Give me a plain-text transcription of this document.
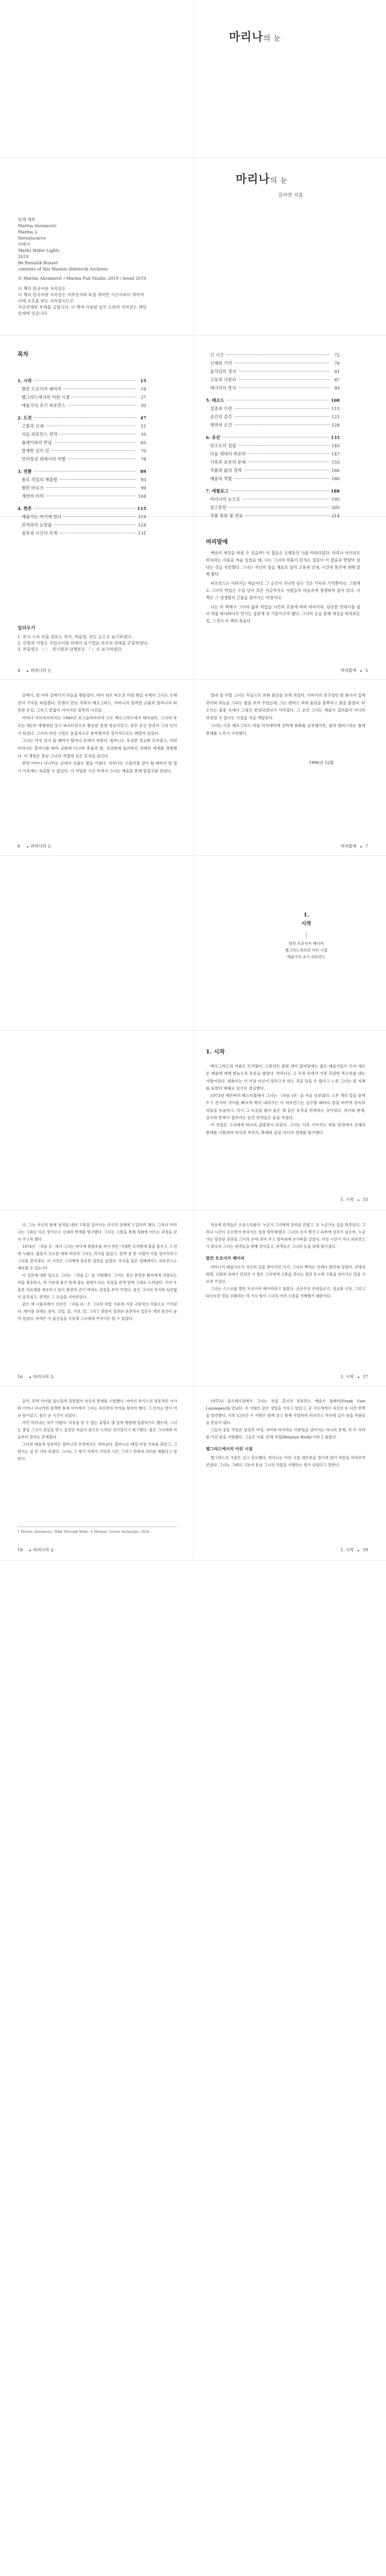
마리나의 눈
마리나의 눈
김아연 지음
원제 제목
Marina Abramović
Marina 눈
Seroutsource
의해서
Marks Wider Lights
2019
Be Rematik Buxaet
contents of this Waston Ablensvik Archives
© Marina Abramović / Marina Pub Studio, 2019 / Seoul 2019
이 책의 한국어판 저작권은
이 책의 한국어판 저작권은 저작권자와 독점 계약한 지은이와의 계약에 의해 보호를 받는 저작물이므로
무단전재와 복제를 금합니다. 이 책에 사용된 일부 도판의 저작권은 해당 단체에 있습니다.
목차
1. 시작	15
발칸 트로이카 베이비	19
벨그라드에서의 어린 시절	27
예술가의 초기 퍼포먼스	35
2. 도전	47
고통과 신체	51
리듬 퍼포먼스 연작	55
울레이와의 만남	62
함께한 십이 년	70
만리장성 위에서의 이별	78
3. 전환	89
솔로 작업의 재출발	93
발칸 바로크	99
재연의 의미	104
4. 현존	115
예술가는 여기에 있다	119
관객과의 눈맞춤	124
침묵과 시간의 무게	131
긴 시간	72
신체와 기억	76
움직임의 정지	81
고독과 나란히	87
에너지의 방식	93
5. 메소드	108
집중과 수련	115
공간의 감각	121
재연의 조건	128
6. 유산	133
연구소의 설립	140
다음 세대의 퍼포머	147
기록과 보존의 문제	155
작품과 삶의 경계	166
예술의 역할	180
7. 에필로그	188
마리나의 눈으로	195
참고문헌	205
작품 목록 및 연보	214
일러두기
1. 본서 수록 작품 정보는 작가, 작품명, 연도 순으로 표기하였다.
2. 인명과 지명은 국립국어원 외래어 표기법을 따르되 관례를 존중하였다.
3. 작품명은 〈 〉, 전시명과 단행본은 『 』로 표기하였다.
4	마리나의 눈
머리말에

예술이 세상을 바꿀 수 있을까? 이 물음은 오랫동안 나를 따라다녔다. 마리나 아브라모비치라는 이름을 처음 들었을 때, 나는 그녀의 작품이 던지는 질문이 이 물음과 맞닿아 있다는 것을 직감했다. 그녀는 자신의 몸을 재료로 삼아 고통과 인내, 시간과 현존에 대해 말해 왔다.

퍼포먼스는 사라지는 예술이다. 그 순간이 지나면 남는 것은 기록과 기억뿐이다. 그럼에도 그녀의 작업은 수십 년이 흐른 지금까지도 사람들의 마음속에 생생하게 살아 있다. 이 책은 그 생생함의 근원을 찾아가는 여정이다.

나는 이 책에서 그녀의 삶과 작업을 시간의 흐름에 따라 따라가되, 단순한 연대기를 넘어 작품 하나하나가 던지는 질문에 귀 기울이고자 했다. 그녀의 눈을 통해 세상을 바라보는 일, 그것이 이 책의 목표다.

머리말에 5

갈매기, 한 마리 갈매기가 하늘을 맴돌았다. 바다 위로 떠오른 아침 햇살 속에서 그녀는 오래전의 기억을 떠올렸다. 전쟁이 끝난 직후의 베오그라드, 어머니의 엄격한 규율과 할머니의 따뜻한 손길, 그리고 끝없이 이어지던 침묵의 시간들.

마리나 아브라모비치는 1946년 유고슬라비아의 수도 베오그라드에서 태어났다. 그녀의 부모는 제2차 세계대전 당시 파르티잔으로 활동한 전쟁 영웅이었고, 전후 공산 정권의 고위 인사가 되었다. 그녀의 어린 시절은 물질적으로 풍족했지만 정서적으로는 메말라 있었다.

그녀는 여섯 살이 될 때까지 할머니 손에서 자랐다. 할머니는 독실한 정교회 신자였고, 어린 마리나는 할머니를 따라 교회에 다니며 촛불과 향, 성상화에 둘러싸인 의례의 세계를 경험했다. 이 경험은 훗날 그녀의 작업에 깊은 흔적을 남긴다.

반면 어머니 다니카는 군대식 규율로 딸을 키웠다. 마리나는 스물아홉 살이 될 때까지 밤 열 시 이후에는 외출할 수 없었다. 이 억압된 시간 속에서 그녀는 예술을 통해 탈출구를 찾았다.

열네 살 무렵 그녀는 처음으로 유화 물감을 손에 쥐었다. 아버지의 친구였던 한 화가가 집에 찾아와 하늘을 그리는 법을 보여 주었는데, 그는 캔버스 위에 물감을 흩뿌리고 불을 붙였다. 타오르는 불꽃 속에서 그림은 완성되었다가 사라졌다. 그 순간 그녀는 예술이 결과물이 아니라 과정일 수 있다는 사실을 처음 깨달았다.

그녀는 이후 베오그라드 미술 아카데미에 진학해 회화를 공부했지만, 점차 캔버스라는 틀에 한계를 느끼기 시작했다.

1996년 12월
6	마리나의 눈	머리말에 7
1.
시작
발칸 트로이카 베이비
벨그라드에서의 어린 시절
예술가의 초기 퍼포먼스
1. 시작

베오그라드의 여름은 뜨거웠다. 스튜던트 문화 센터 앞마당에는 젊은 예술가들이 모여 새로운 예술에 대해 밤늦도록 토론을 벌였다. 마리나는 그 무리 속에서 가장 과감한 목소리를 내는 사람이었다. 회화로는 더 이상 자신이 말하고자 하는 것을 담을 수 없다고 느낀 그녀는 몸 자체를 표현의 매체로 삼기로 결심했다.

1973년 에든버러 페스티벌에서 그녀는 〈리듬 10〉을 처음 선보였다. 스무 개의 칼을 앞에 두고 손가락 사이를 빠르게 찍어 내려가는 이 퍼포먼스는 실수할 때마다 칼을 바꾸며 상처의 리듬을 녹음하고, 다시 그 녹음을 틀어 놓은 채 같은 동작을 반복하는 것이었다. 과거와 현재, 실수와 반복이 겹쳐지는 순간 관객들은 숨을 죽였다.

이 작업은 그녀에게 하나의 출발점이 되었다. 그녀는 이후 이어지는 리듬 연작에서 신체의 한계를 시험하며 의식과 무의식, 통제와 상실 사이의 경계를 탐구했다.

1. 시작 15

다. 그는 자신의 몸에 상처를 내며 고통을 넘어서는 의식의 상태에 도달하려 했다. 그러나 마리나는 그와는 다른 방식으로 신체의 한계를 탐구했다. 그녀는 고통을 통해 정화에 이르는 과정을 보여 주고자 했다.

1974년 〈리듬 5〉에서 그녀는 바닥에 휘발유를 부어 만든 거대한 오각별에 불을 붙이고 그 안에 누웠다. 불꽃이 산소를 태워 버리자 그녀는 의식을 잃었고, 관객 중 한 사람이 이를 알아차리고 그녀를 끌어냈다. 이 사건은 그녀에게 중요한 질문을 남겼다. 의식을 잃은 상태에서도 퍼포먼스는 계속될 수 있는가?

이 질문에 대한 답으로 그녀는 〈리듬 2〉를 기획했다. 그녀는 정신 분열증 환자에게 처방되는 약을 복용하고, 약 기운에 몸이 통제 불능 상태가 되는 과정을 관객 앞에 그대로 드러냈다. 이어 우울증 치료제를 복용하고 몸이 완전히 굳어 버리는 과정을 보여 주었다. 몸은 그녀의 의지와 상관없이 움직였고, 관객은 그 모습을 지켜보았다.

같은 해 나폴리에서 선보인 〈리듬 0〉은 그녀의 작업 가운데 가장 극단적인 작품으로 기억된다. 테이블 위에는 장미, 깃털, 꿀, 가위, 칼, 그리고 총알이 장전된 권총까지 일흔두 개의 물건이 놓여 있었다. 관객은 이 물건들을 사용해 그녀에게 무엇이든 할 수 있었다.

처음에 관객들은 조심스러웠다. 누군가 그녀에게 장미를 건넸고, 또 누군가는 입을 맞추었다. 그러나 시간이 흐르면서 분위기는 점점 험악해졌다. 그녀의 옷이 찢기고 피부에 상처가 났으며, 누군가는 장전된 권총을 그녀의 손에 쥐여 주고 방아쇠에 손가락을 걸었다. 여섯 시간이 지나 퍼포먼스가 끝나자 그녀는 관객들을 향해 걸어갔고, 관객들은 그녀의 눈을 피해 흩어졌다.

발칸 트로이카 베이비

마리나가 예술가로서 자신의 길을 찾아가던 시기, 그녀의 뿌리는 언제나 발칸에 있었다. 전쟁과 혁명, 신화와 의례가 뒤엉킨 이 땅은 그녀에게 고통을 견디는 법과 동시에 고통을 넘어서는 법을 가르쳐 주었다.

그녀는 스스로를 발칸 트로이카 베이비라고 불렀다. 공산주의 이데올로기, 정교회 신앙, 그리고 파르티잔 영웅 신화라는 세 가지 힘이 그녀의 어린 시절을 지배했기 때문이다.

16	마리나의 눈	1. 시작 17

음악, 문학 사이를 넘나들며 끊임없이 자신의 한계를 시험했다. 아버지 보이스의 영웅적인 서사와 어머니 다니카의 엄격한 통제 사이에서 그녀는 자신만의 언어를 찾아야 했다. 그 언어는 말이 아닌 몸이었고, 몸은 곧 시간이 되었다.

어린 마리나는 자주 아팠다. 이유를 알 수 없는 출혈로 몇 달씩 병원에 입원하기도 했는데, 그녀는 훗날 그것이 관심을 받고 싶었던 마음이 몸으로 드러난 것이었다고 회고했다. 몸은 그녀에게 처음부터 말하는 존재였다.

그녀의 예술적 상상력은 할머니의 부엌에서도 자라났다. 할머니는 매일 아침 커피를 볶았고, 그 향기는 집 안 가득 퍼졌다. 그녀는 그 향기 속에서 기억과 시간, 그리고 반복의 의미를 배웠다고 말한다.

1975년 암스테르담에서 그녀는 독일 출신의 퍼포먼스 예술가 울레이(Frank Uwe Laysiepen)를 만났다. 두 사람은 같은 생일을 가지고 있었고, 곧 서로에게서 자신의 또 다른 반쪽을 발견했다. 이후 12년간 두 사람은 함께 살고 함께 작업하며 퍼포먼스 역사에 길이 남을 작품들을 만들어 냈다.

그들의 공동 작업은 남성과 여성, 자아와 타자라는 이분법을 넘어서는 하나의 존재, 즉 두 머리를 가진 몸을 지향했다. 그들은 이를 '관계 작업(Relation Work)'이라고 불렀다.

벨그라드에서의 어린 시절

벨그라드의 겨울은 길고 혹독했다. 마리나는 어린 시절 대부분을 창가에 앉아 바깥을 바라보며 보냈다. 그녀는 그때의 고독이 훗날 그녀의 작업을 지탱하는 힘이 되었다고 말한다.

1 Marina Abramović, Walk Through Walls: A Memoir, Crown Archetype, 2016.
18	마리나의 눈	1. 시작 19
